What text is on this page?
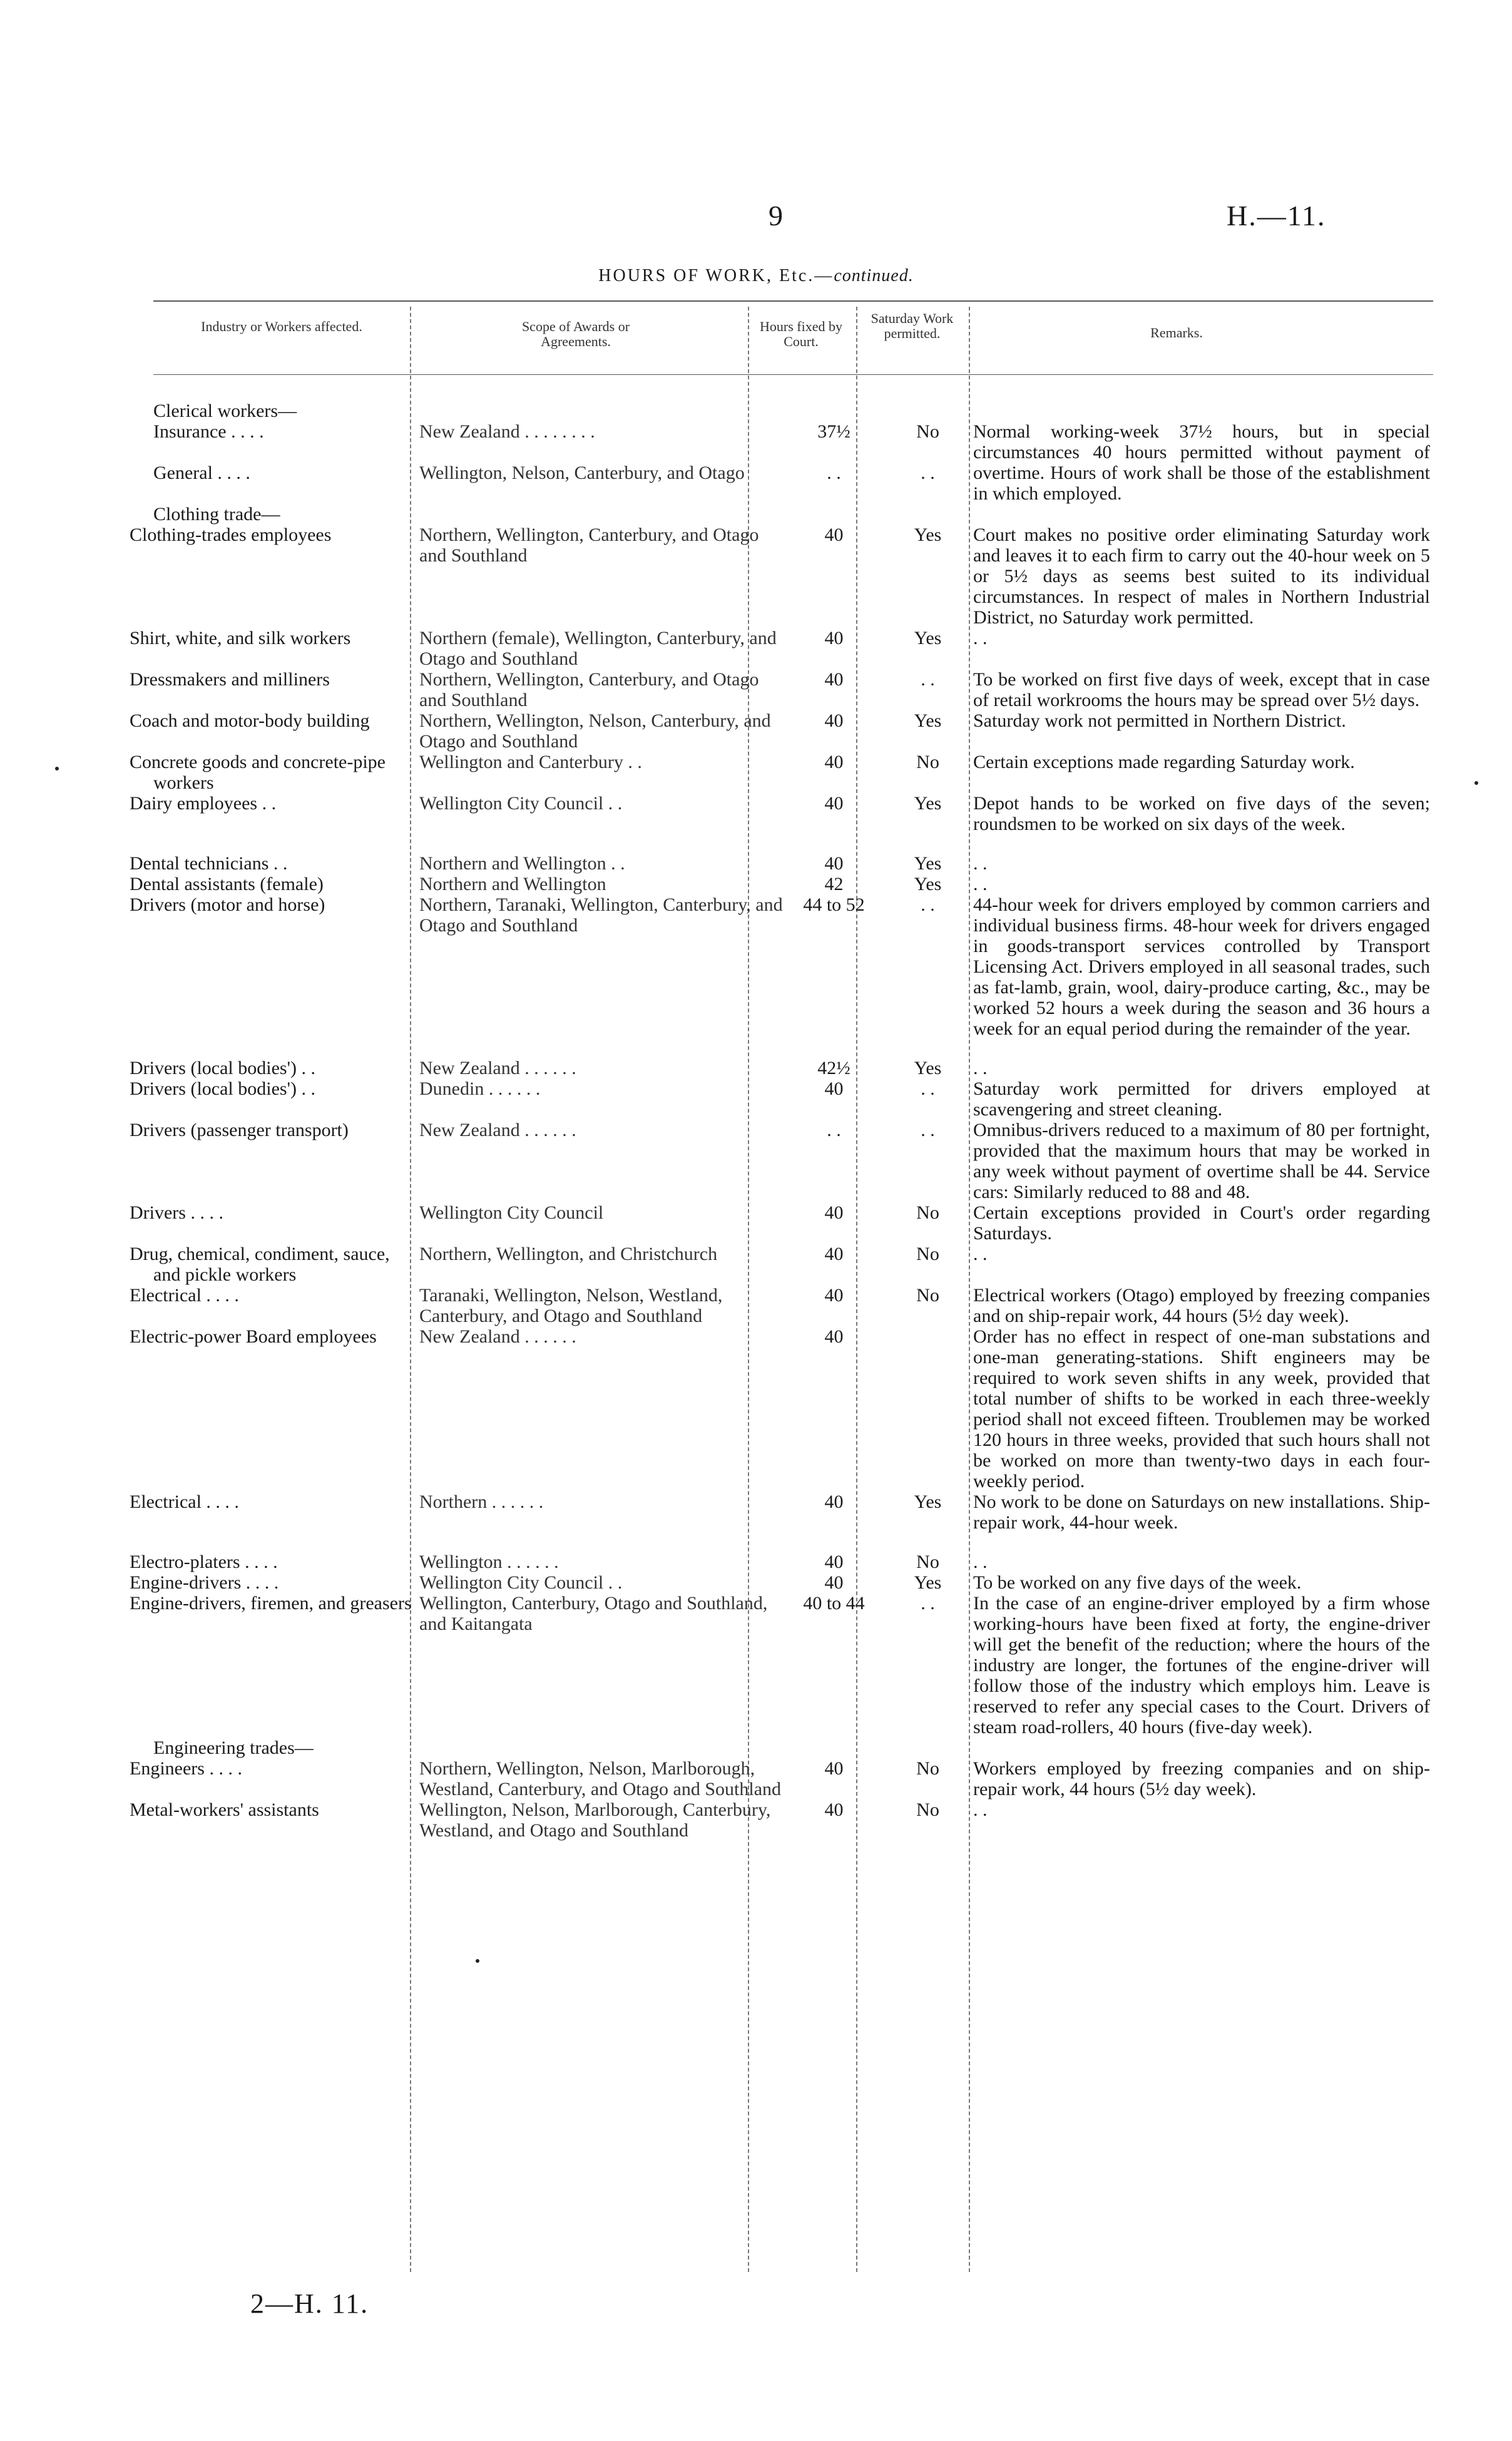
9	H.—11.
HOURS OF WORK, Etc.—continued.
Industry or Workers affected.	Scope of Awards or Agreements.
Hours fixed by Court.
Saturday Work permitted.	Remarks.
Clerical workers—				
Insurance . . . .	New Zealand . . . . . . . .	37½	No	Normal working-week 37½ hours, but in special circumstances 40 hours permitted without payment of overtime. Hours of work shall be those of the establishment in which employed.
General . . . .	Wellington, Nelson, Canterbury, and Otago	. .	. .	
Clothing trade—				
Clothing-trades employees	Northern, Wellington, Canterbury, and Otago and Southland	40	Yes	Court makes no positive order eliminating Saturday work and leaves it to each firm to carry out the 40-hour week on 5 or 5½ days as seems best suited to its individual circumstances. In respect of males in Northern Industrial District, no Saturday work permitted.
Shirt, white, and silk workers	Northern (female), Wellington, Canterbury, and Otago and Southland	40	Yes	. .
Dressmakers and milliners	Northern, Wellington, Canterbury, and Otago and Southland	40	. .	To be worked on first five days of week, except that in case of retail workrooms the hours may be spread over 5½ days.
Coach and motor-body building	Northern, Wellington, Nelson, Canterbury, and Otago and Southland	40	Yes	Saturday work not permitted in Northern District.
Concrete goods and concrete-pipe workers	Wellington and Canterbury . .	40	No	Certain exceptions made regarding Saturday work.
Dairy employees . .	Wellington City Council . .	40	Yes	Depot hands to be worked on five days of the seven; roundsmen to be worked on six days of the week.

Dental technicians . .	Northern and Wellington . .	40	Yes	. .
Dental assistants (female)	Northern and Wellington	42	Yes	. .
Drivers (motor and horse)	Northern, Taranaki, Wellington, Canterbury, and Otago and Southland	44 to 52	. .	44-hour week for drivers employed by common carriers and individual business firms. 48-hour week for drivers engaged in goods-transport services controlled by Transport Licensing Act. Drivers employed in all seasonal trades, such as fat-lamb, grain, wool, dairy-produce carting, &c., may be worked 52 hours a week during the season and 36 hours a week for an equal period during the remainder of the year.

Drivers (local bodies') . .	New Zealand . . . . . .	42½	Yes	. .
Drivers (local bodies') . .	Dunedin . . . . . .	40	. .	Saturday work permitted for drivers employed at scavengering and street cleaning.
Drivers (passenger transport)	New Zealand . . . . . .	. .	. .	Omnibus-drivers reduced to a maximum of 80 per fortnight, provided that the maximum hours that may be worked in any week without payment of overtime shall be 44. Service cars: Similarly reduced to 88 and 48.
Drivers . . . .	Wellington City Council	40	No	Certain exceptions provided in Court's order regarding Saturdays.
Drug, chemical, condiment, sauce, and pickle workers	Northern, Wellington, and Christchurch	40	No	. .
Electrical . . . .	Taranaki, Wellington, Nelson, Westland, Canterbury, and Otago and Southland	40	No	Electrical workers (Otago) employed by freezing companies and on ship-repair work, 44 hours (5½ day week).
Electric-power Board employees	New Zealand . . . . . .	40		Order has no effect in respect of one-man substations and one-man generating-stations. Shift engineers may be required to work seven shifts in any week, provided that total number of shifts to be worked in each three-weekly period shall not exceed fifteen. Troublemen may be worked 120 hours in three weeks, provided that such hours shall not be worked on more than twenty-two days in each four-weekly period.
Electrical . . . .	Northern . . . . . .	40	Yes	No work to be done on Saturdays on new installations. Ship-repair work, 44-hour week.

Electro-platers . . . .	Wellington . . . . . .	40	No	. .
Engine-drivers . . . .	Wellington City Council . .	40	Yes	To be worked on any five days of the week.
Engine-drivers, firemen, and greasers	Wellington, Canterbury, Otago and Southland, and Kaitangata	40 to 44	. .	In the case of an engine-driver employed by a firm whose working-hours have been fixed at forty, the engine-driver will get the benefit of the reduction; where the hours of the industry are longer, the fortunes of the engine-driver will follow those of the industry which employs him. Leave is reserved to refer any special cases to the Court. Drivers of steam road-rollers, 40 hours (five-day week).
Engineering trades—				
Engineers . . . .	Northern, Wellington, Nelson, Marlborough, Westland, Canterbury, and Otago and Southland	40	No	Workers employed by freezing companies and on ship-repair work, 44 hours (5½ day week).
Metal-workers' assistants	Wellington, Nelson, Marlborough, Canterbury, Westland, and Otago and Southland	40	No	. .
2—H. 11.
